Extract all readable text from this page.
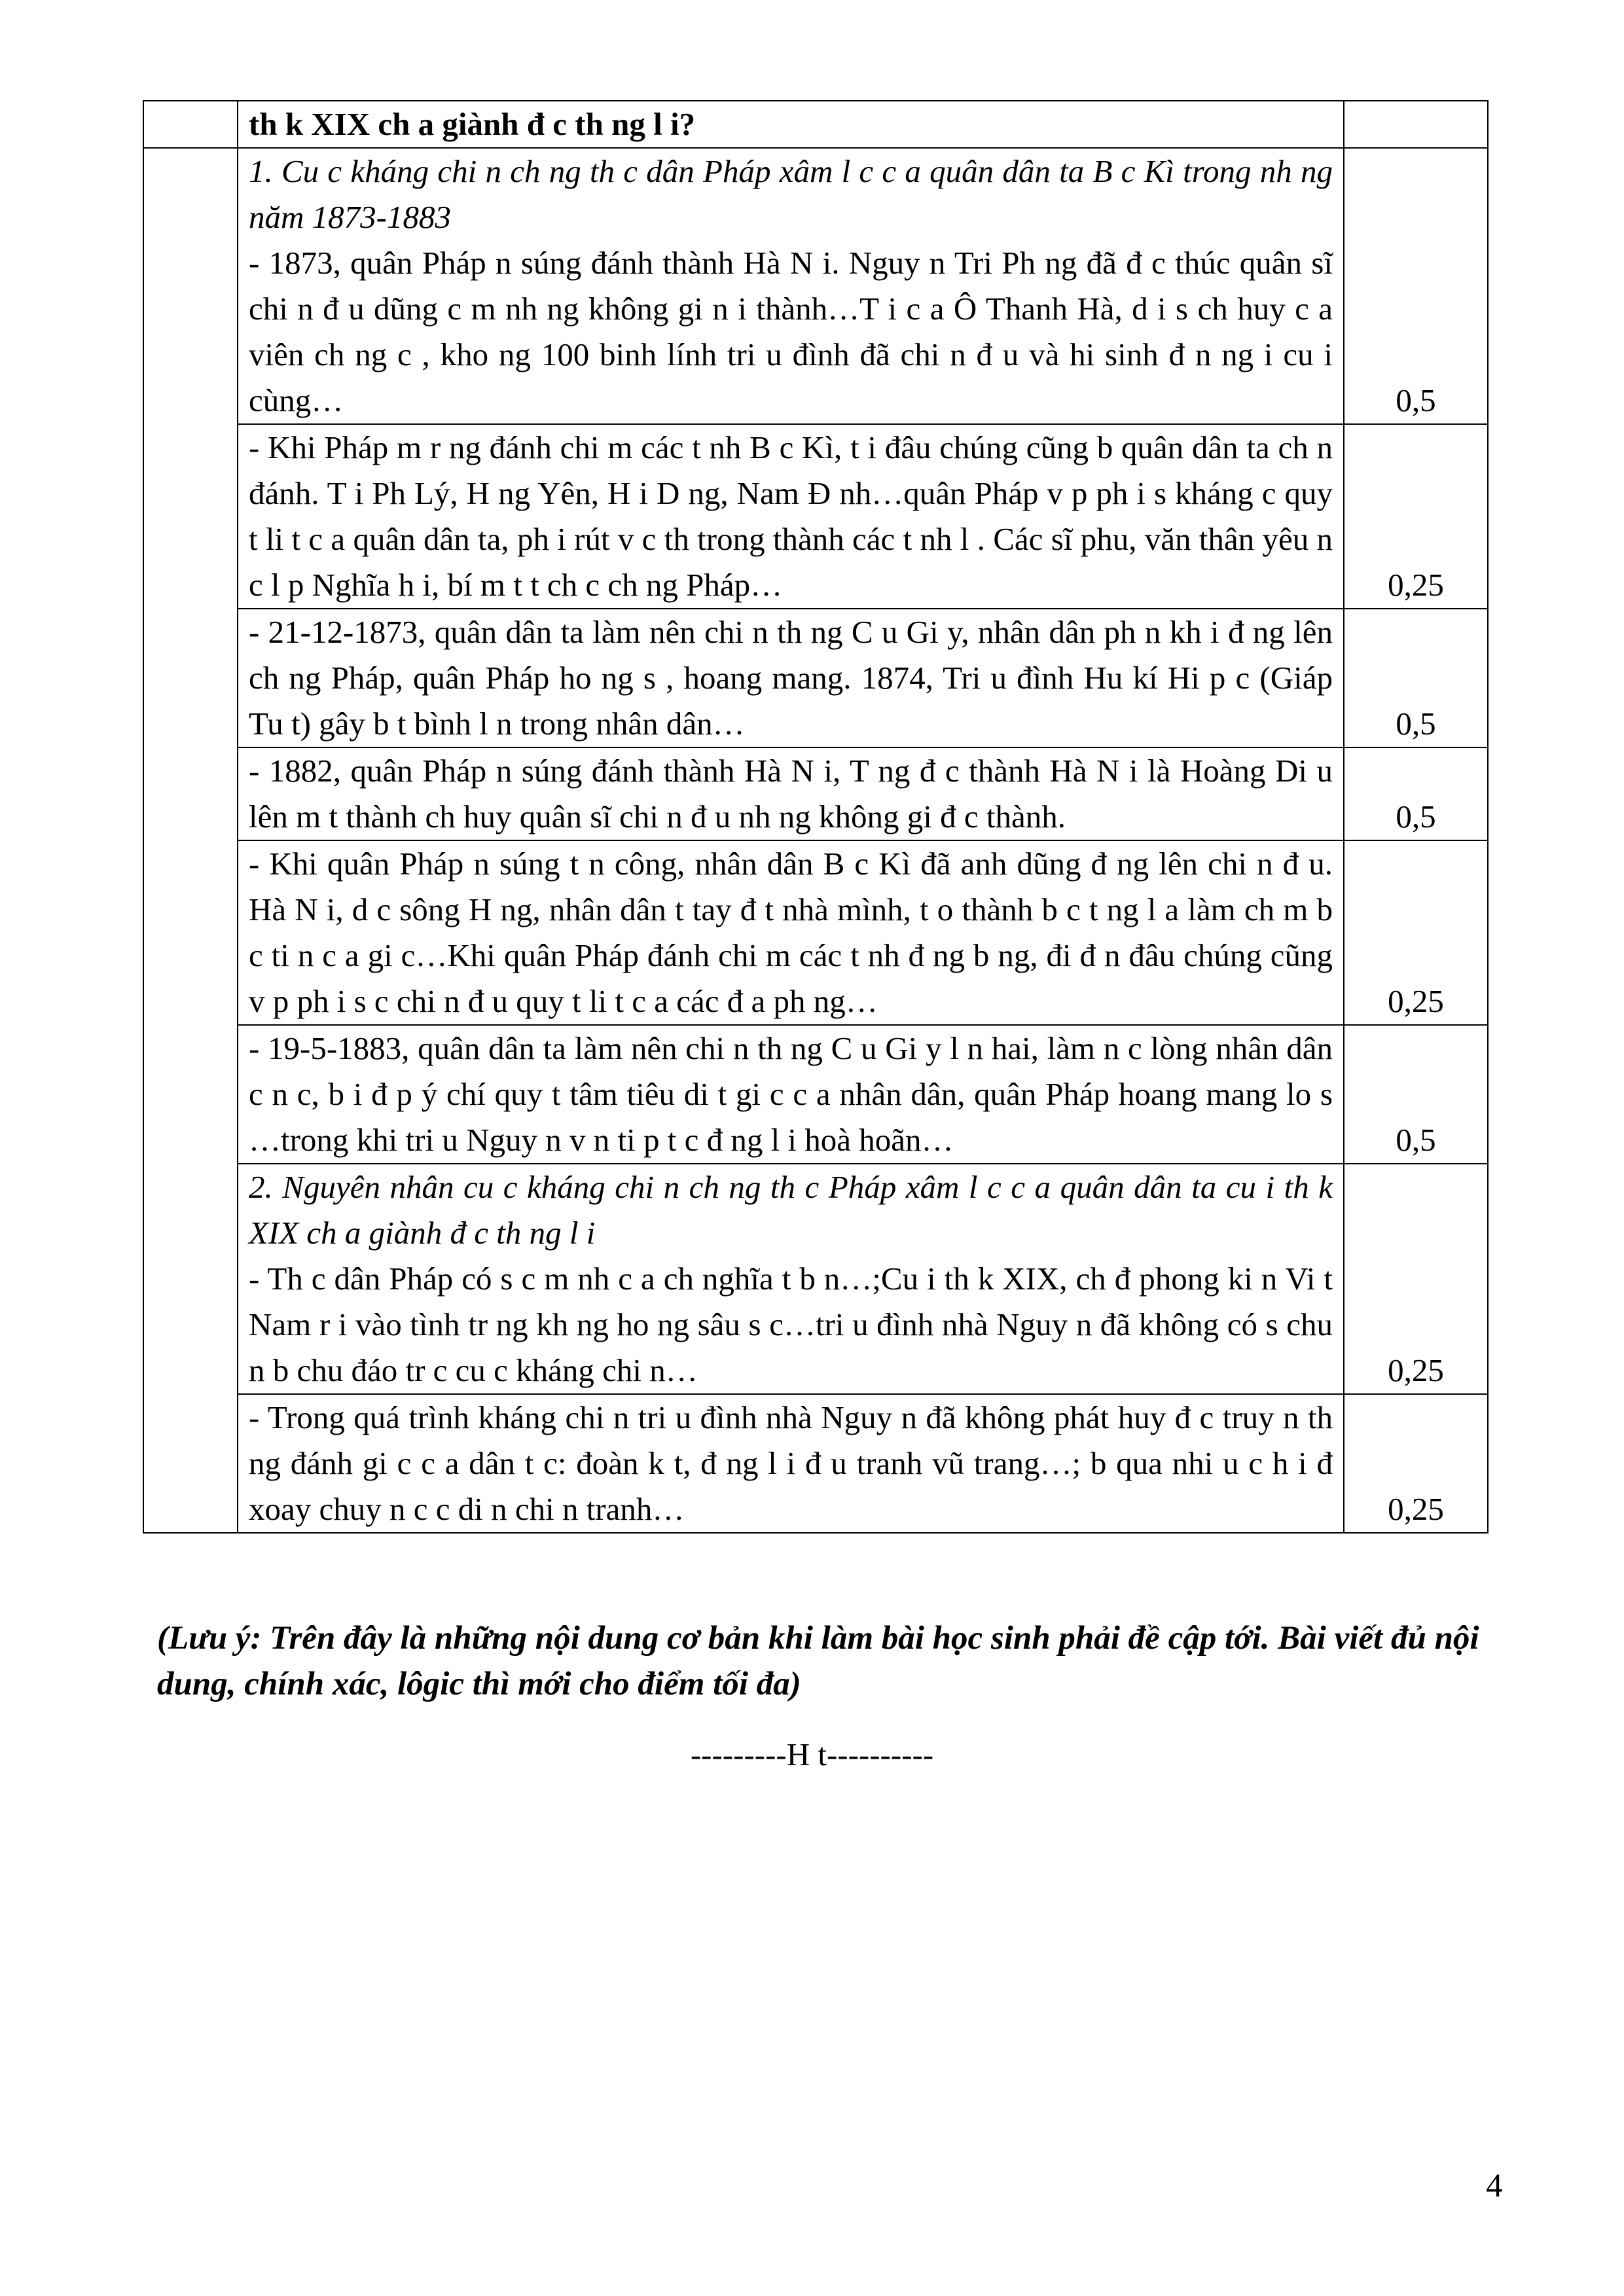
	th k XIX ch a giành đ c th ng l i?	
	1. Cu c kháng chi n ch ng th c dân Pháp xâm l c c a quân dân ta B c Kì trong nh ng năm 1873-1883
- 1873, quân Pháp n súng đánh thành Hà N i. Nguy n Tri Ph ng đã đ c thúc quân sĩ chi n đ u dũng c m nh ng không gi n i thành…T i c a Ô Thanh Hà, d i s ch huy c a viên ch ng c , kho ng 100 binh lính tri u đình đã chi n đ u và hi sinh đ n ng i cu i cùng…	0,5
	- Khi Pháp m r ng đánh chi m các t nh B c Kì, t i đâu chúng cũng b quân dân ta ch n đánh. T i Ph Lý, H ng Yên, H i D ng, Nam Đ nh…quân Pháp v p ph i s kháng c quy t li t c a quân dân ta, ph i rút v c th trong thành các t nh l . Các sĩ phu, văn thân yêu n c l p Nghĩa h i, bí m t t ch c ch ng Pháp…	0,25
	- 21-12-1873, quân dân ta làm nên chi n th ng C u Gi y, nhân dân ph n kh i đ ng lên ch ng Pháp, quân Pháp ho ng s , hoang mang. 1874, Tri u đình Hu kí Hi p c (Giáp Tu t) gây b t bình l n trong nhân dân…	0,5
	- 1882, quân Pháp n súng đánh thành Hà N i, T ng đ c thành Hà N i là Hoàng Di u lên m t thành ch huy quân sĩ chi n đ u nh ng không gi đ c thành.	0,5
	- Khi quân Pháp n súng t n công, nhân dân B c Kì đã anh dũng đ ng lên chi n đ u. Hà N i, d c sông H ng, nhân dân t tay đ t nhà mình, t o thành b c t ng l a làm ch m b c ti n c a gi c…Khi quân Pháp đánh chi m các t nh đ ng b ng, đi đ n đâu chúng cũng v p ph i s c chi n đ u quy t li t c a các đ a ph ng…	0,25
	- 19-5-1883, quân dân ta làm nên chi n th ng C u Gi y l n hai, làm n c lòng nhân dân c n c, b i đ p ý chí quy t tâm tiêu di t gi c c a nhân dân, quân Pháp hoang mang lo s …trong khi tri u Nguy n v n ti p t c đ ng l i hoà hoãn…	0,5
	2. Nguyên nhân cu c kháng chi n ch ng th c Pháp xâm l c c a quân dân ta cu i th k XIX ch a giành đ c th ng l i
- Th c dân Pháp có s c m nh c a ch nghĩa t b n…;Cu i th k XIX, ch đ phong ki n Vi t Nam r i vào tình tr ng kh ng ho ng sâu s c…tri u đình nhà Nguy n đã không có s chu n b chu đáo tr c cu c kháng chi n…	0,25
	- Trong quá trình kháng chi n tri u đình nhà Nguy n đã không phát huy đ c truy n th ng đánh gi c c a dân t c: đoàn k t, đ ng l i đ u tranh vũ trang…; b qua nhi u c h i đ xoay chuy n c c di n chi n tranh…	0,25
(Lưu ý: Trên đây là những nội dung cơ bản khi làm bài học sinh phải đề cập tới. Bài viết đủ nội dung, chính xác, lôgic thì mới cho điểm tối đa)
---------H t----------
4
